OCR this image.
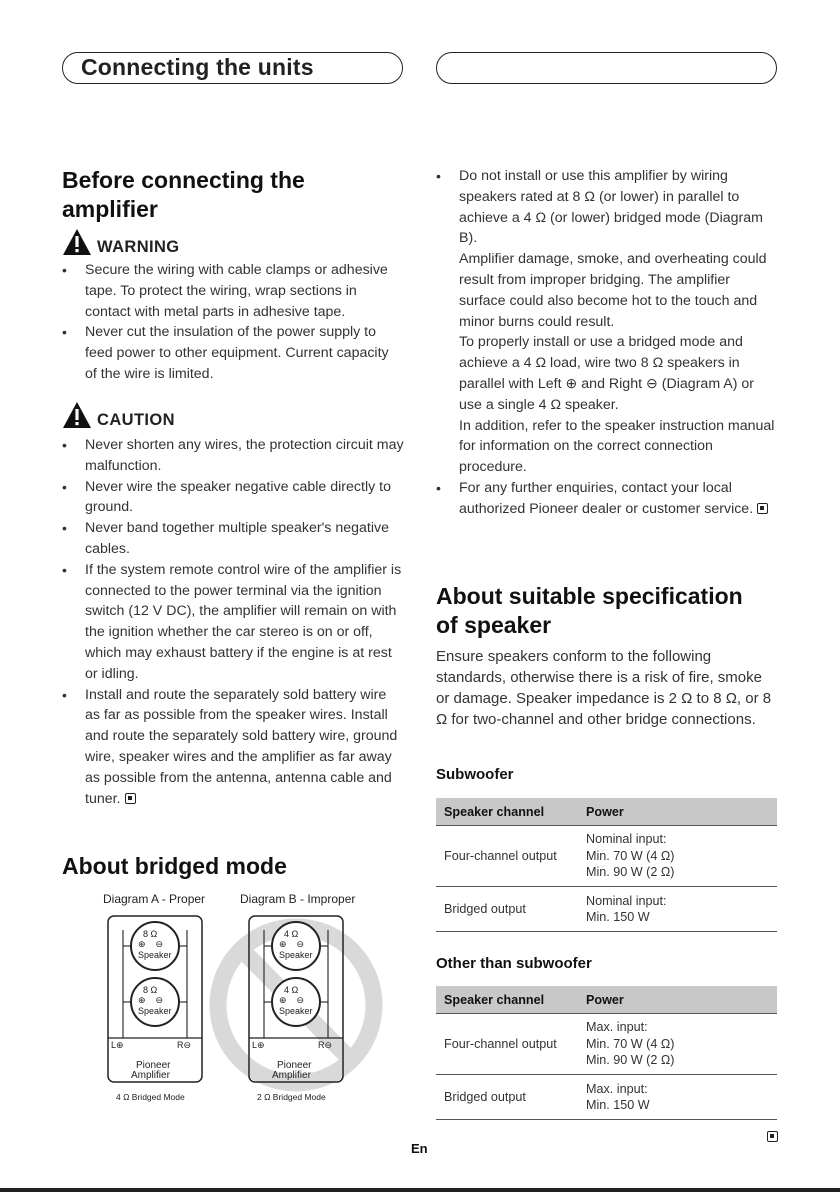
Connecting the units
Before connecting the amplifier
WARNING
• Secure the wiring with cable clamps or adhesive tape. To protect the wiring, wrap sections in contact with metal parts in adhesive tape.
• Never cut the insulation of the power supply to feed power to other equipment. Current capacity of the wire is limited.
CAUTION
• Never shorten any wires, the protection circuit may malfunction.
• Never wire the speaker negative cable directly to ground.
• Never band together multiple speaker's negative cables.
• If the system remote control wire of the amplifier is connected to the power terminal via the ignition switch (12 V DC), the amplifier will remain on with the ignition whether the car stereo is on or off, which may exhaust battery if the engine is at rest or idling.
• Install and route the separately sold battery wire as far as possible from the speaker wires. Install and route the separately sold battery wire, ground wire, speaker wires and the amplifier as far away as possible from the antenna, antenna cable and tuner.
About bridged mode
Diagram A - Proper	Diagram B - Improper
8 Ω
⊕    ⊖
Speaker
8 Ω
⊕    ⊖
Speaker
L⊕	R⊖
Pioneer
Amplifier
4 Ω Bridged Mode
4 Ω
⊕    ⊖
Speaker
4 Ω
⊕    ⊖
Speaker
L⊕	R⊖
Pioneer
Amplifier
2 Ω Bridged Mode
• Do not install or use this amplifier by wiring speakers rated at 8 Ω (or lower) in parallel to achieve a 4 Ω (or lower) bridged mode (Diagram B).
Amplifier damage, smoke, and overheating could result from improper bridging. The amplifier surface could also become hot to the touch and minor burns could result.
To properly install or use a bridged mode and achieve a 4 Ω load, wire two 8 Ω speakers in parallel with Left ⊕ and Right ⊖ (Diagram A) or use a single 4 Ω speaker.
In addition, refer to the speaker instruction manual for information on the correct connection procedure.
• For any further enquiries, contact your local authorized Pioneer dealer or customer service.
About suitable specification of speaker

Ensure speakers conform to the following standards, otherwise there is a risk of fire, smoke or damage. Speaker impedance is 2 Ω to 8 Ω, or 8 Ω for two-channel and other bridge connections.

Subwoofer
Speaker channel	Power
Four-channel output	Nominal input:
Min. 70 W (4 Ω)
Min. 90 W (2 Ω)

Bridged output	Nominal input:
Min. 150 W
Other than subwoofer
Speaker channel	Power
Four-channel output	Max. input:
Min. 70 W (4 Ω)
Min. 90 W (2 Ω)

Bridged output	Max. input:
Min. 150 W
En
